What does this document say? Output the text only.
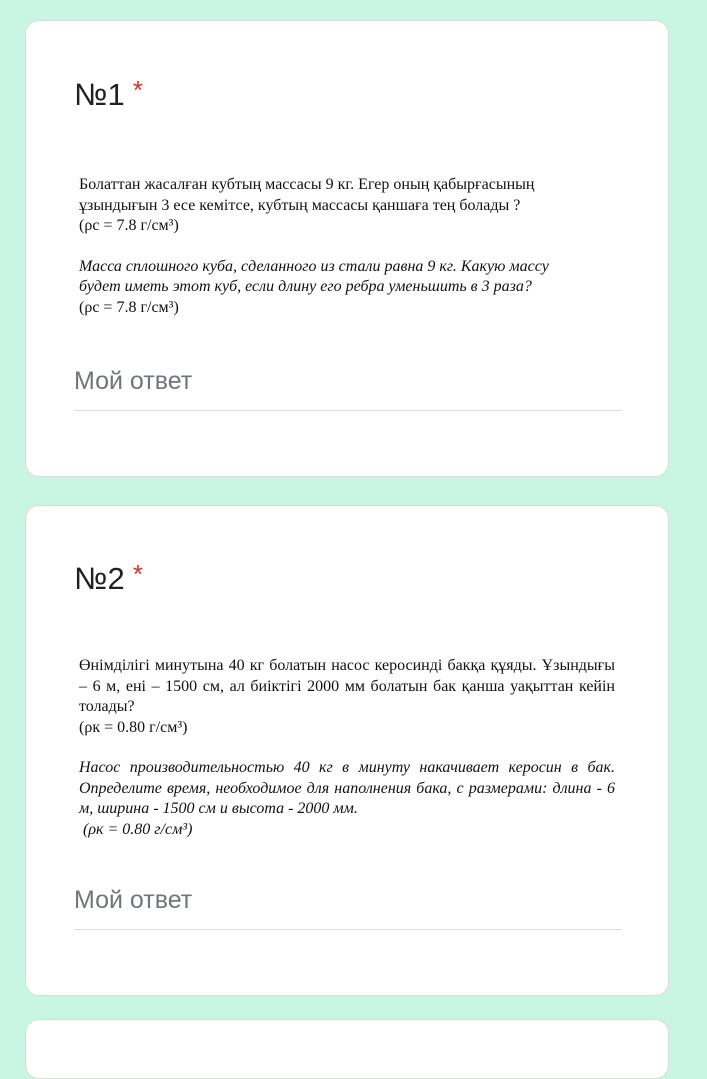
№1 *

Болаттан жасалған кубтың массасы 9 кг. Егер оның қабырғасының

ұзындығын 3 есе кемітсе, кубтың массасы қаншаға тең болады ?

(ρс = 7.8 г/см³)

Масса сплошного куба, сделанного из стали равна 9 кг. Какую массу

будет иметь этот куб, если длину его ребра уменьшить в 3 раза?

(ρс = 7.8 г/см³)

Мой ответ
№2 *

Өнімділігі минутына 40 кг болатын насос керосинді бакқа құяды. Ұзындығы – 6 м, ені – 1500 см, ал биіктігі 2000 мм болатын бак қанша уақыттан кейін толады?

(ρк = 0.80 г/см³)

Насос производительностью 40 кг в минуту накачивает керосин в бак. Определите время, необходимое для наполнения бака, с размерами: длина - 6 м, ширина - 1500 см и высота - 2000 мм.

(ρк = 0.80 г/см³)

Мой ответ
